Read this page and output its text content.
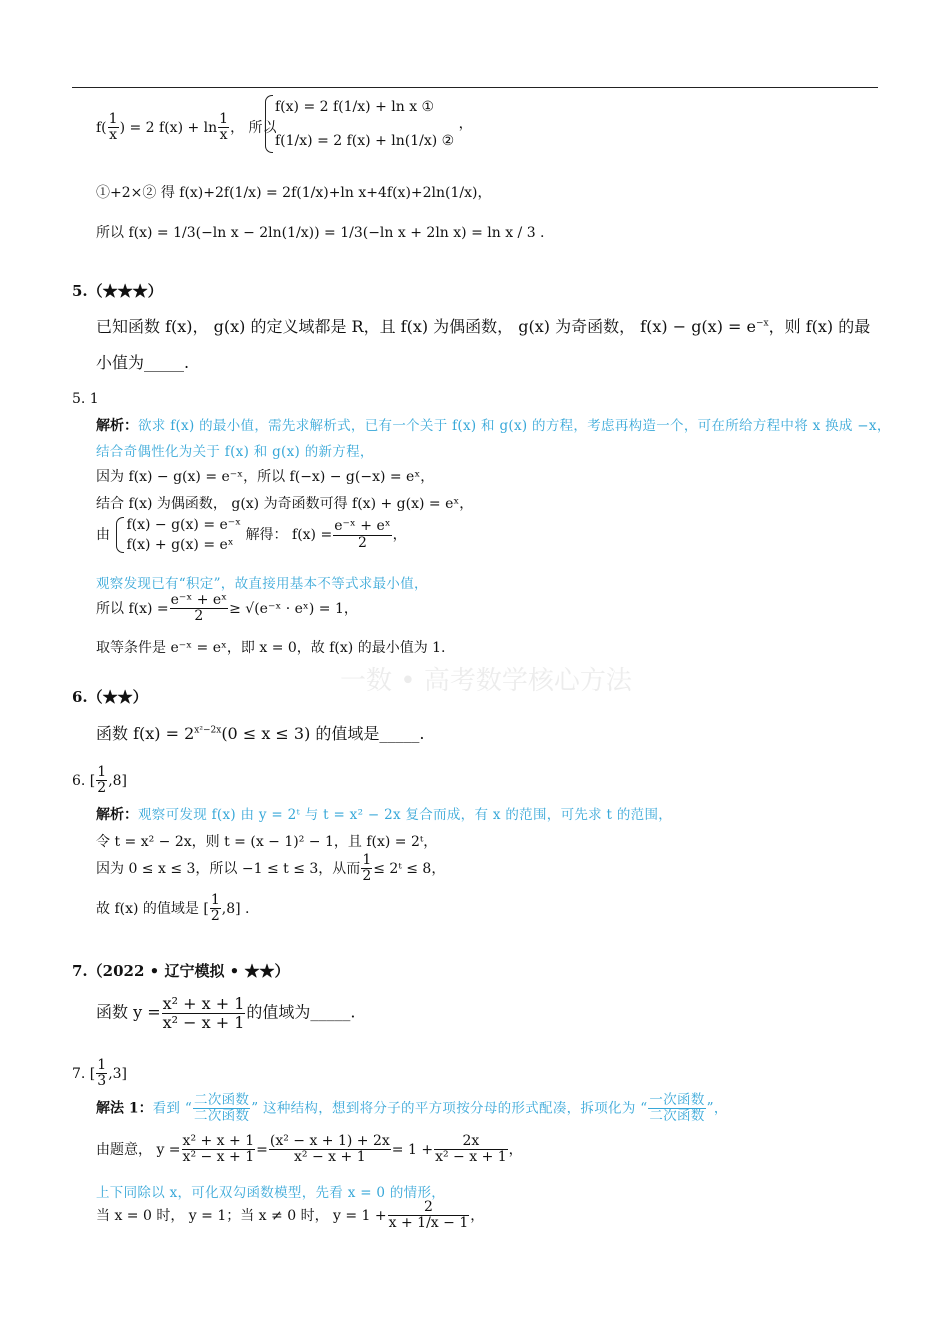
$f( \frac{1}{x}$ ) = 2 $f(x) + \ln \frac{1}{x}$ ， 所以
f(x) = 2 f(1/x) + ln x ①
f(1/x) = 2 f(x) + ln(1/x) ②
，
①+2×② 得 f(x)+2f(1/x) = 2f(1/x)+ln x+4f(x)+2ln(1/x)，
所以 f(x) = 1/3(−ln x − 2ln(1/x)) = 1/3(−ln x + 2ln x) = ln x / 3 .
5.（★★★）
已知函数 f(x)， g(x) 的定义域都是 R，且 f(x) 为偶函数， g(x) 为奇函数， $f(x) - g(x) = e^{-x}$，则 f(x) 的最
小值为_____.
5. 1
解析：欲求 f(x) 的最小值，需先求解析式，已有一个关于 f(x) 和 g(x) 的方程，考虑再构造一个，可在所给方程中将 x 换成 −x，
结合奇偶性化为关于 f(x) 和 g(x) 的新方程，
因为 f(x) − g(x) = e⁻ˣ，所以 f(−x) − g(−x) = eˣ，
结合 f(x) 为偶函数， g(x) 为奇函数可得 f(x) + g(x) = eˣ，
由
f(x) − g(x) = e⁻ˣ
f(x) + g(x) = eˣ
解得： $f(x) = \frac{\text{e⁻ˣ + eˣ}}{2}$ ，
观察发现已有“积定”，故直接用基本不等式求最小值，
所以 $f(x) = \frac{\text{e⁻ˣ + eˣ}}{2}$ ≥ √(e⁻ˣ · eˣ) = 1，
取等条件是 e⁻ˣ = eˣ，即 x = 0，故 f(x) 的最小值为 1.
一数 • 高考数学核心方法
6.（★★）
函数 $f(x) = 2^{x^2-2x}(0 \le x \le 3)$ 的值域是_____.
6. [ $\frac{1}{2} ,8$]
解析：观察可发现 f(x) 由 y = 2ᵗ 与 t = x² − 2x 复合而成，有 x 的范围，可先求 t 的范围，
令 t = x² − 2x，则 t = (x − 1)² − 1，且 f(x) = 2ᵗ，
因为 0 ≤ x ≤ 3，所以 −1 ≤ t ≤ 3，从而 $\frac{1}{2}$ ≤ 2ᵗ ≤ 8，
故 f(x) 的值域是 [ $\frac{1}{2} ,8$] .
7.（2022 • 辽宁模拟 • ★★）
函数 $y = \frac{\text{x² + x + 1}}{\text{x² − x + 1}}$ 的值域为_____.
7. [ $\frac{1}{3} ,3$]
解法 1：看到 “ $\frac{\text{二次函数}}{\text{二次函数}}$ ” 这种结构，想到将分子的平方项按分母的形式配凑，拆项化为 “ $\frac{\text{一次函数}}{\text{二次函数}}$ ”，
由题意， $y = \frac{\text{x² + x + 1}}{\text{x² − x + 1}} = \frac{\text{(x² − x + 1) + 2x}}{\text{x² − x + 1}} = 1 + \frac{2x}{\text{x² − x + 1}}$ ，
上下同除以 x，可化双勾函数模型，先看 x = 0 的情形，
当 x = 0 时， y = 1；当 x ≠ 0 时， $y = 1 + \frac{2}{x + 1/x - 1}$ ，
